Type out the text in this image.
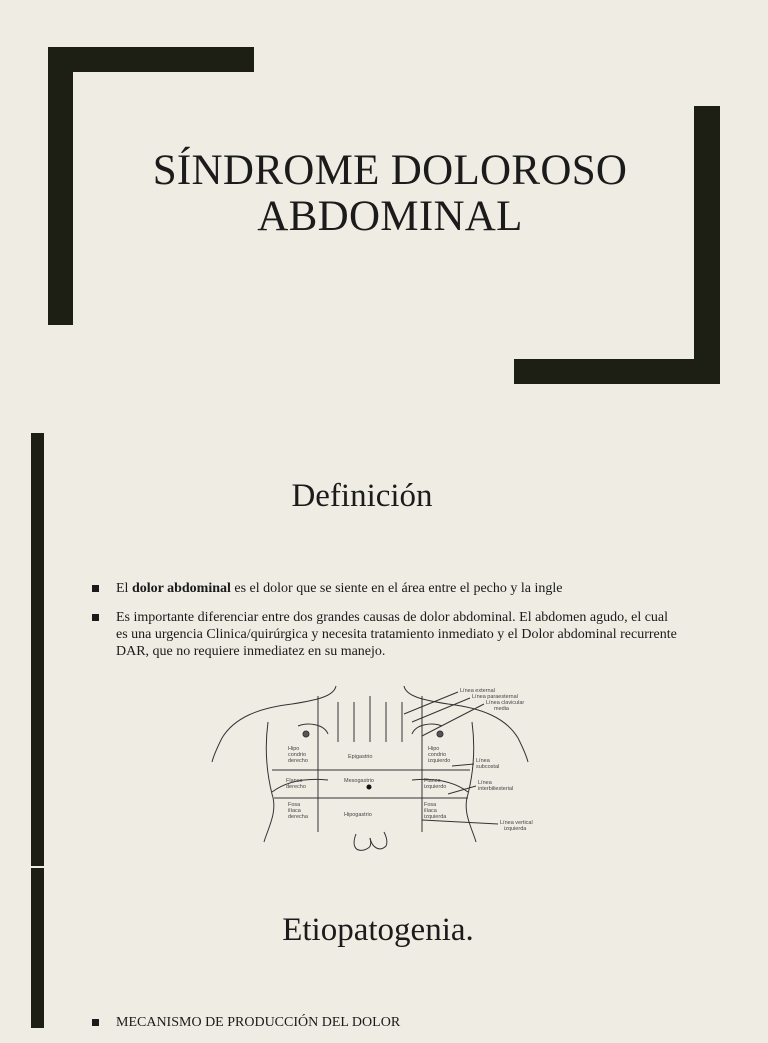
SÍNDROME DOLOROSO
ABDOMINAL
Definición
El dolor abdominal es el dolor que se siente en el área entre el pecho y la ingle
Es importante diferenciar entre dos grandes causas de dolor abdominal. El abdomen agudo, el cual es una urgencia Clinica/quirúrgica y necesita tratamiento inmediato y el Dolor abdominal recurrente DAR, que no requiere inmediatez en su manejo.
Hipo condrio derecho
Epigastrio
Hipo condrio izquierdo
Flanco derecho
Mesogastrio	Flanco izquierdo
Fosa ilíaca derecha	Hipogastrio
Fosa ilíaca izquierda
Línea external
Línea paraesternal
Línea clavicular media
Línea subcostal
Línea interbiliesterial
Línea vertical izquierda
Etiopatogenia.
MECANISMO DE PRODUCCIÓN DEL DOLOR
